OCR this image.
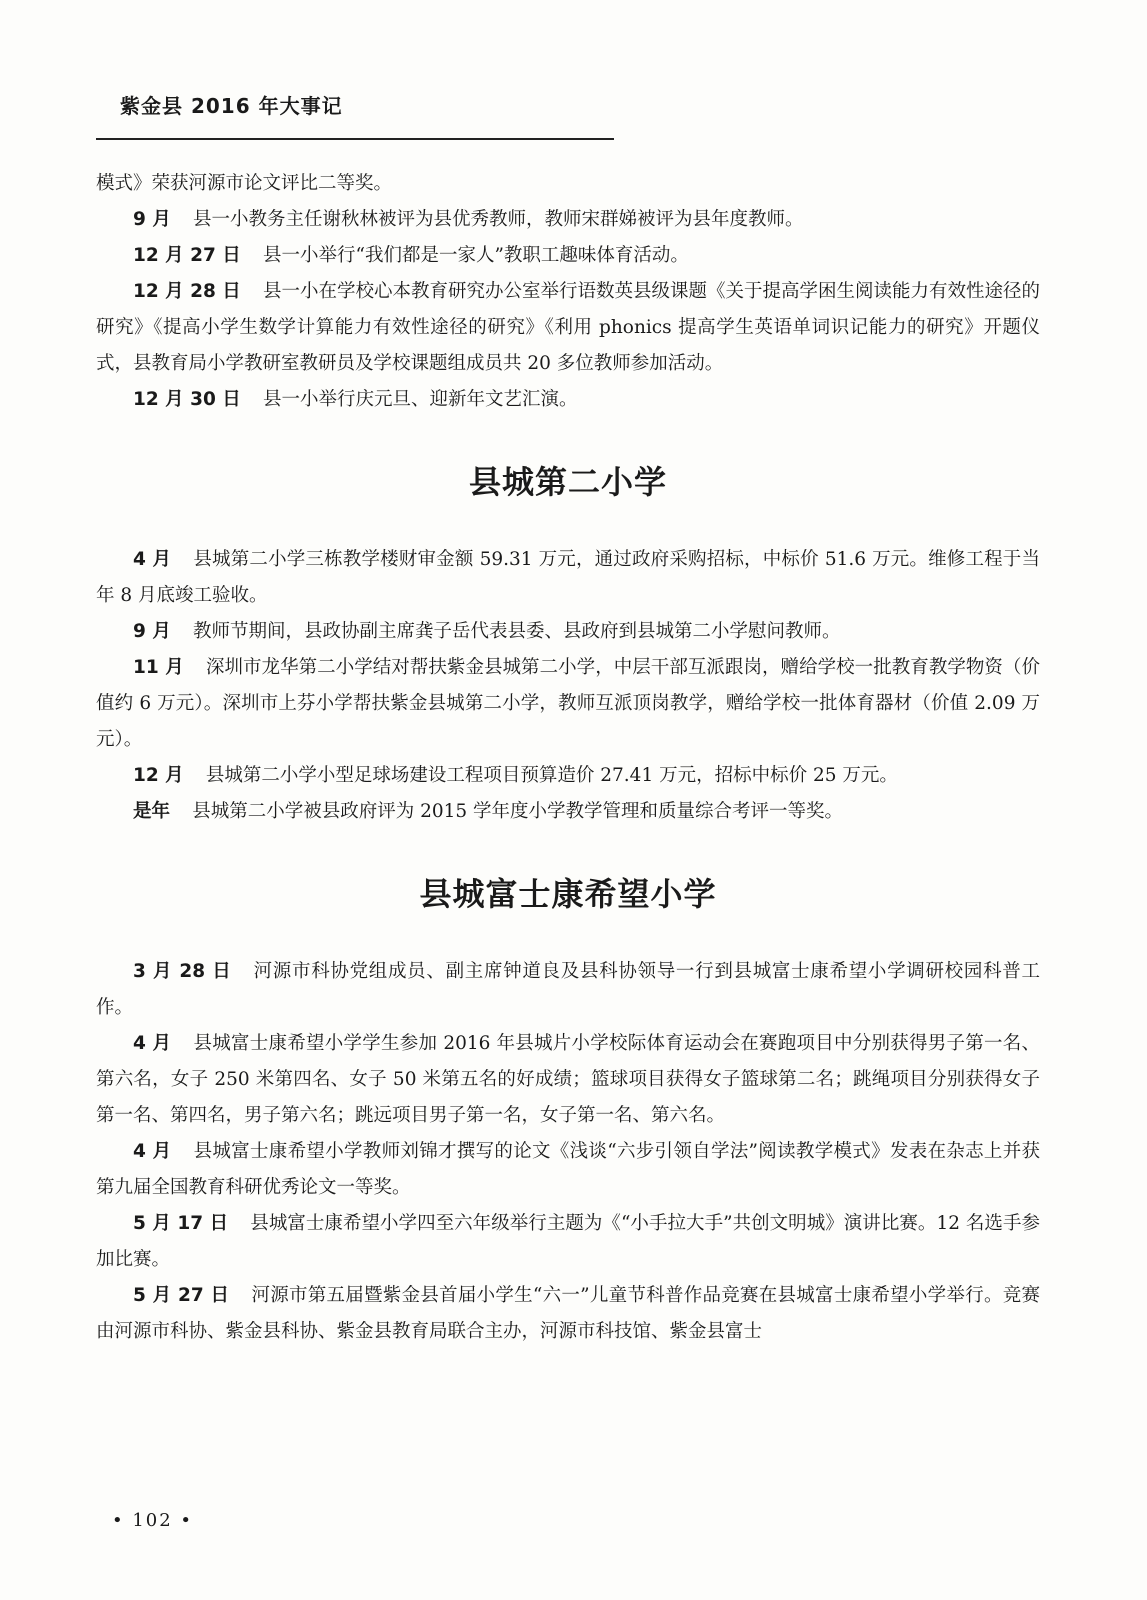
紫金县 2016 年大事记

模式》荣获河源市论文评比二等奖。

9 月 县一小教务主任谢秋林被评为县优秀教师，教师宋群娣被评为县年度教师。

12 月 27 日 县一小举行“我们都是一家人”教职工趣味体育活动。

12 月 28 日 县一小在学校心本教育研究办公室举行语数英县级课题《关于提高学困生阅读能力有效性途径的研究》《提高小学生数学计算能力有效性途径的研究》《利用 phonics 提高学生英语单词识记能力的研究》开题仪式，县教育局小学教研室教研员及学校课题组成员共 20 多位教师参加活动。

12 月 30 日 县一小举行庆元旦、迎新年文艺汇演。

县城第二小学

4 月 县城第二小学三栋教学楼财审金额 59.31 万元，通过政府采购招标，中标价 51.6 万元。维修工程于当年 8 月底竣工验收。

9 月 教师节期间，县政协副主席龚子岳代表县委、县政府到县城第二小学慰问教师。

11 月 深圳市龙华第二小学结对帮扶紫金县城第二小学，中层干部互派跟岗，赠给学校一批教育教学物资（价值约 6 万元）。深圳市上芬小学帮扶紫金县城第二小学，教师互派顶岗教学，赠给学校一批体育器材（价值 2.09 万元）。

12 月 县城第二小学小型足球场建设工程项目预算造价 27.41 万元，招标中标价 25 万元。

是年 县城第二小学被县政府评为 2015 学年度小学教学管理和质量综合考评一等奖。

县城富士康希望小学

3 月 28 日 河源市科协党组成员、副主席钟道良及县科协领导一行到县城富士康希望小学调研校园科普工作。

4 月 县城富士康希望小学学生参加 2016 年县城片小学校际体育运动会在赛跑项目中分别获得男子第一名、第六名，女子 250 米第四名、女子 50 米第五名的好成绩；篮球项目获得女子篮球第二名；跳绳项目分别获得女子第一名、第四名，男子第六名；跳远项目男子第一名，女子第一名、第六名。

4 月 县城富士康希望小学教师刘锦才撰写的论文《浅谈“六步引领自学法”阅读教学模式》发表在杂志上并获第九届全国教育科研优秀论文一等奖。

5 月 17 日 县城富士康希望小学四至六年级举行主题为《“小手拉大手”共创文明城》演讲比赛。12 名选手参加比赛。

5 月 27 日 河源市第五届暨紫金县首届小学生“六一”儿童节科普作品竞赛在县城富士康希望小学举行。竞赛由河源市科协、紫金县科协、紫金县教育局联合主办，河源市科技馆、紫金县富士

• 102 •
